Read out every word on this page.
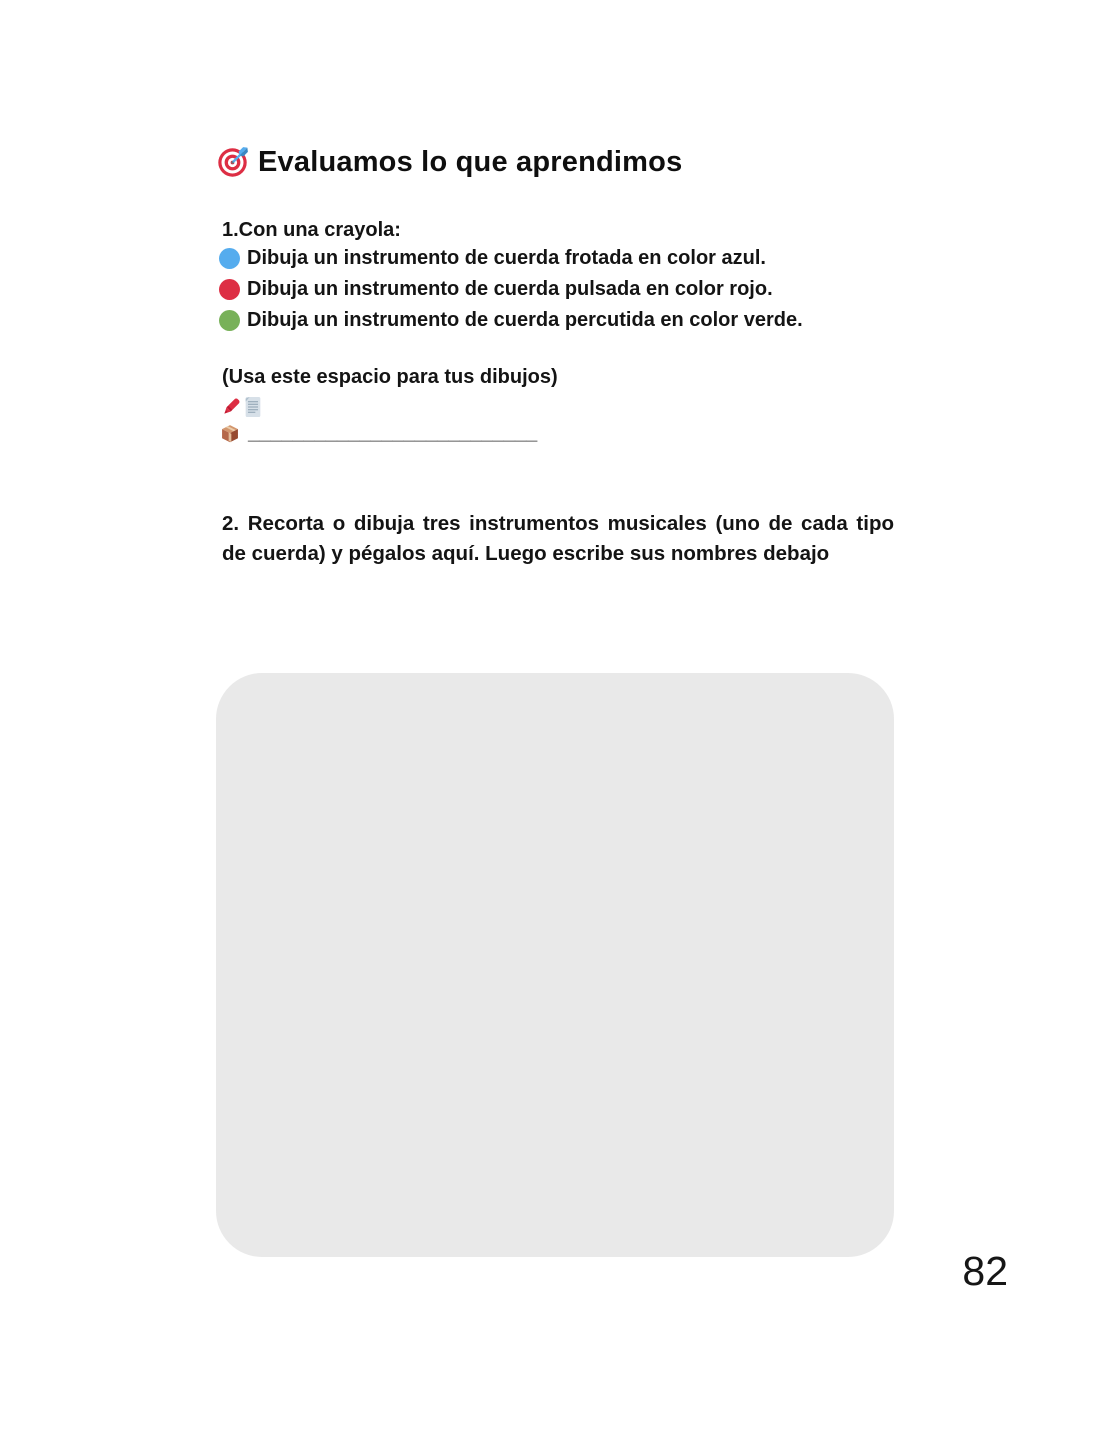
Evaluamos lo que aprendimos
1.Con una crayola:
Dibuja un instrumento de cuerda frotada en color azul.
Dibuja un instrumento de cuerda pulsada en color rojo.
Dibuja un instrumento de cuerda percutida en color verde.
(Usa este espacio para tus dibujos)
__________________________
2. Recorta o dibuja tres instrumentos musicales (uno de cada tipo de cuerda) y pégalos aquí. Luego escribe sus nombres debajo
82
